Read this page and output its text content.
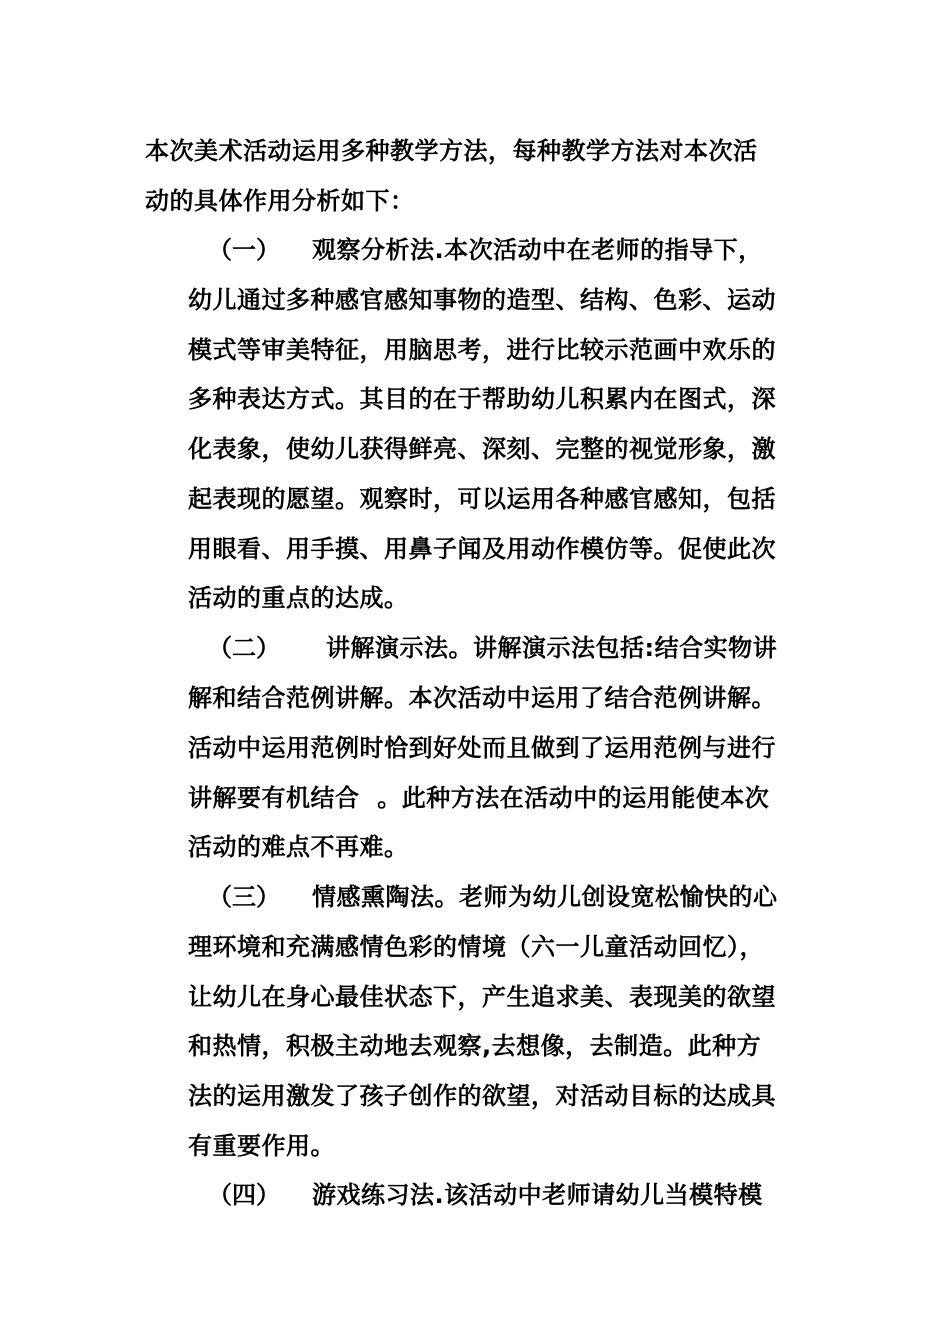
本次美术活动运用多种教学方法，每种教学方法对本次活
动的具体作用分析如下：
（一） 观察分析法.本次活动中在老师的指导下，
幼儿通过多种感官感知事物的造型、结构、色彩、运动
模式等审美特征，用脑思考，进行比较示范画中欢乐的
多种表达方式。其目的在于帮助幼儿积累内在图式，深
化表象，使幼儿获得鲜亮、深刻、完整的视觉形象，激
起表现的愿望。观察时，可以运用各种感官感知，包括
用眼看、用手摸、用鼻子闻及用动作模仿等。促使此次
活动的重点的达成。
（二） 讲解演示法。讲解演示法包括:结合实物讲
解和结合范例讲解。本次活动中运用了结合范例讲解。
活动中运用范例时恰到好处而且做到了运用范例与进行
讲解要有机结合  。此种方法在活动中的运用能使本次
活动的难点不再难。
（三） 情感熏陶法。老师为幼儿创设宽松愉快的心
理环境和充满感情色彩的情境（六一儿童活动回忆），
让幼儿在身心最佳状态下，产生追求美、表现美的欲望
和热情，积极主动地去观察,去想像，去制造。此种方
法的运用激发了孩子创作的欲望，对活动目标的达成具
有重要作用。
（四） 游戏练习法.该活动中老师请幼儿当模特模
